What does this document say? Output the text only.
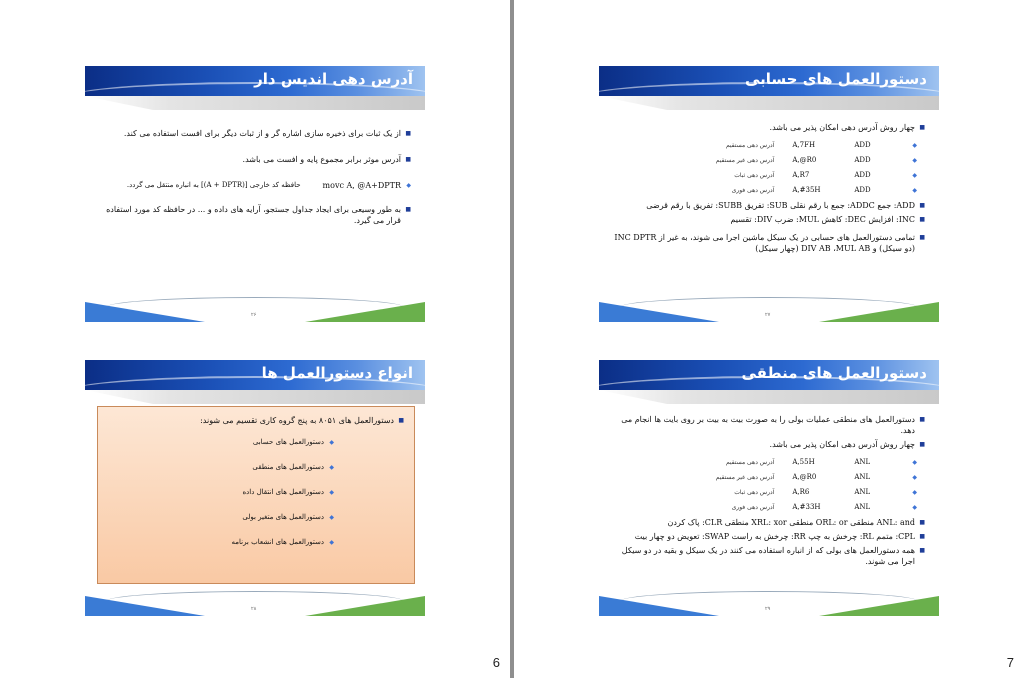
آدرس دهی اندیس دار
■ از یک ثبات برای ذخیره سازی اشاره گر و از ثبات دیگر برای افست استفاده می کند.
■ آدرس موثر برابر مجموع پایه و افست می باشد.
◆ movc A, @A+DPTR
حافظه کد خارجی [(A + DPTR)] به انباره منتقل می گردد.
■ به طور وسیعی برای ایجاد جداول جستجو، آرایه های داده و ... در حافظه کد مورد استفاده قرار می گیرد.
۲۶
انواع دستورالعمل ها
■ دستورالعمل های ۸۰۵۱ به پنج گروه کاری تقسیم می شوند:
◆ دستورالعمل های حسابی
◆ دستورالعمل های منطقی
◆ دستورالعمل های انتقال داده
◆ دستورالعمل های متغیر بولی
◆ دستورالعمل های انشعاب برنامه
۲۸
6
دستورالعمل های حسابی
■ چهار روش آدرس دهی امکان پذیر می باشد.
آدرس دهی مستقیم	A,7FH	ADD	◆
آدرس دهی غیر مستقیم	A,@R0	ADD	◆
آدرس دهی ثبات	A,R7	ADD	◆
آدرس دهی فوری	A,#35H	ADD	◆
■ ADD: جمع ADDC: جمع با رقم نقلی SUB: تفریق SUBB: تفریق با رقم قرضی
■ INC: افزایش DEC: کاهش MUL: ضرب DIV: تقسیم
■ تمامی دستورالعمل های حسابی در یک سیکل ماشین اجرا می شوند، به غیر از INC DPTR (دو سیکل) و DIV AB ،MUL AB (چهار سیکل)
۲۷
دستورالعمل های منطقی
■ دستورالعمل های منطقی عملیات بولی را به صورت بیت به بیت بر روی بایت ها انجام می دهد.
■ چهار روش آدرس دهی امکان پذیر می باشد.
آدرس دهی مستقیم	A,55H	ANL	◆
آدرس دهی غیر مستقیم	A,@R0	ANL	◆
آدرس دهی ثبات	A,R6	ANL	◆
آدرس دهی فوری	A,#33H	ANL	◆
■ ANL: and منطقی ORL: or منطقی XRL: xor منطقی CLR: پاک کردن
■ CPL: متمم RL: چرخش به چپ RR: چرخش به راست SWAP: تعویض دو چهار بیت
■ همه دستورالعمل های بولی که از انباره استفاده می کنند در یک سیکل و بقیه در دو سیکل اجرا می شوند.
۲۹
7
